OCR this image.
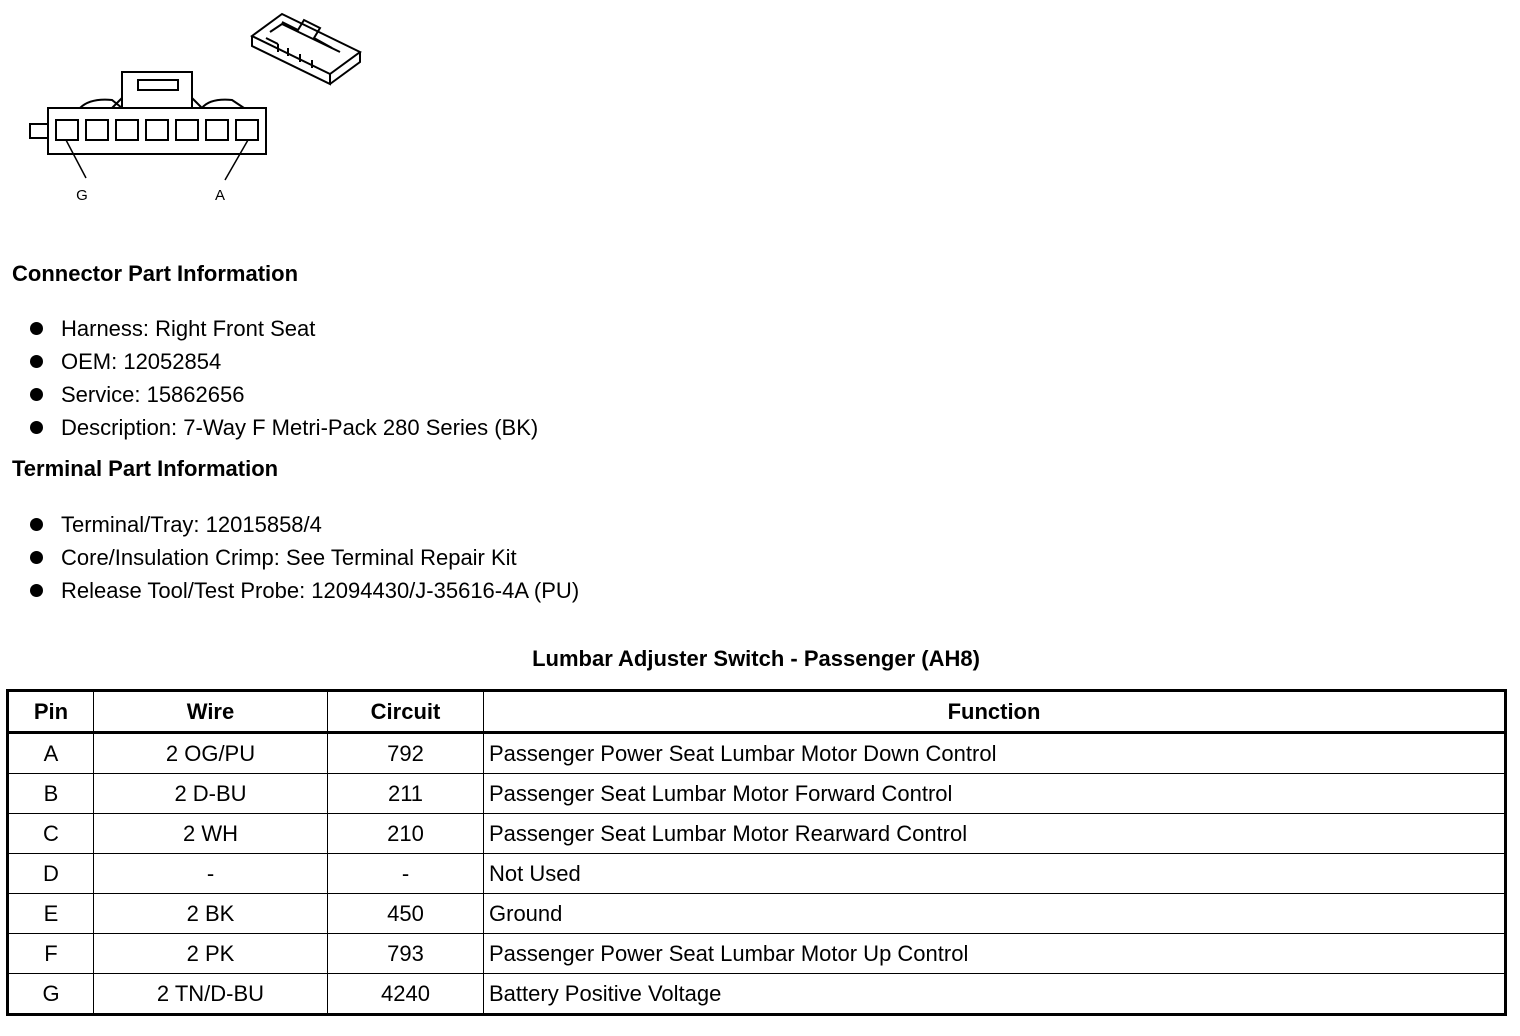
G	A
Connector Part Information
Harness: Right Front Seat
OEM: 12052854
Service: 15862656
Description: 7-Way F Metri-Pack 280 Series (BK)
Terminal Part Information
Terminal/Tray: 12015858/4
Core/Insulation Crimp: See Terminal Repair Kit
Release Tool/Test Probe: 12094430/J-35616-4A (PU)
Lumbar Adjuster Switch - Passenger (AH8)
Pin	Wire	Circuit	Function
A	2 OG/PU	792	Passenger Power Seat Lumbar Motor Down Control
B	2 D-BU	211	Passenger Seat Lumbar Motor Forward Control
C	2 WH	210	Passenger Seat Lumbar Motor Rearward Control
D	-	-	Not Used
E	2 BK	450	Ground
F	2 PK	793	Passenger Power Seat Lumbar Motor Up Control
G	2 TN/D-BU	4240	Battery Positive Voltage
